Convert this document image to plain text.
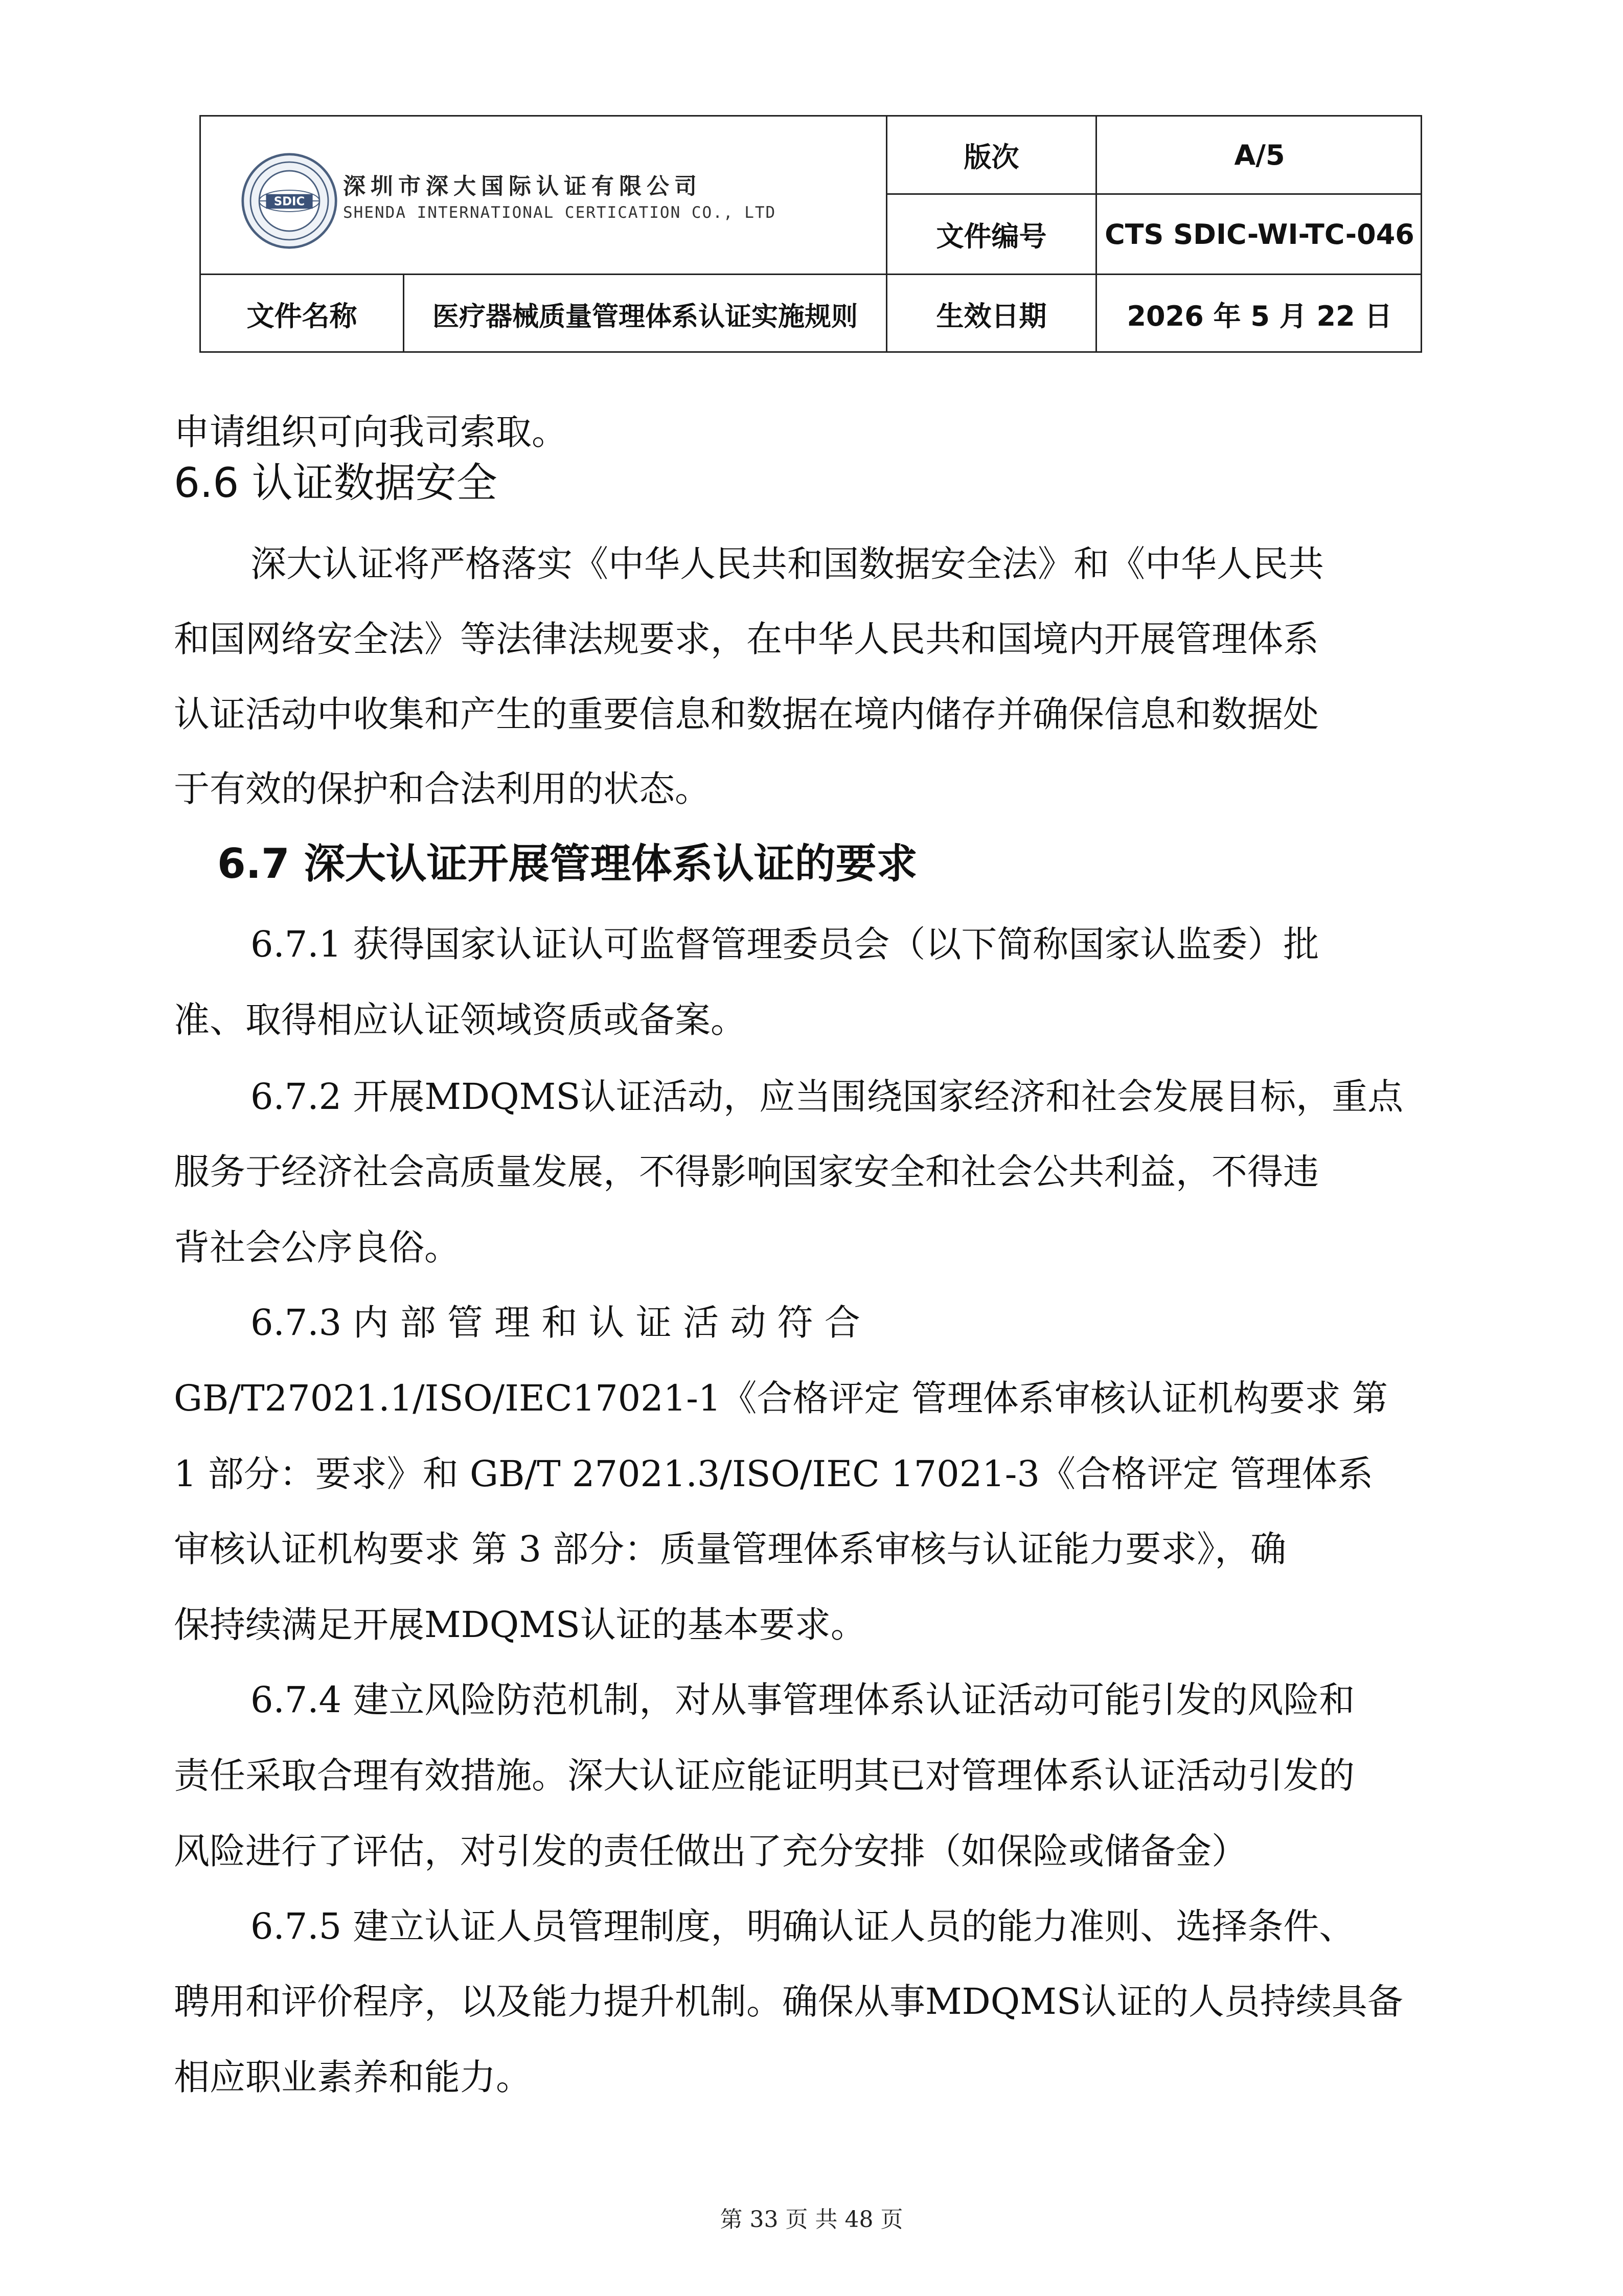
SDIC
深圳市深大国际认证有限公司
SHENDA INTERNATIONAL CERTICATION CO., LTD
版次	A/5
文件编号	CTS SDIC-WI-TC-046
文件名称	医疗器械质量管理体系认证实施规则	生效日期	2026 年 5 月 22 日
申请组织可向我司索取。
6.6 认证数据安全
深大认证将严格落实《中华人民共和国数据安全法》和《中华人民共
和国网络安全法》等法律法规要求，在中华人民共和国境内开展管理体系
认证活动中收集和产生的重要信息和数据在境内储存并确保信息和数据处
于有效的保护和合法利用的状态。
6.7 深大认证开展管理体系认证的要求
6.7.1 获得国家认证认可监督管理委员会（以下简称国家认监委）批
准、取得相应认证领域资质或备案。
6.7.2 开展MDQMS认证活动，应当围绕国家经济和社会发展目标，重点
服务于经济社会高质量发展，不得影响国家安全和社会公共利益，不得违
背社会公序良俗。
6.7.3 内 部 管 理 和 认 证 活 动 符 合
GB/T27021.1/ISO/IEC17021-1《合格评定 管理体系审核认证机构要求 第
1 部分：要求》和 GB/T 27021.3/ISO/IEC 17021-3《合格评定 管理体系
审核认证机构要求 第 3 部分：质量管理体系审核与认证能力要求》，确
保持续满足开展MDQMS认证的基本要求。
6.7.4 建立风险防范机制，对从事管理体系认证活动可能引发的风险和
责任采取合理有效措施。深大认证应能证明其已对管理体系认证活动引发的
风险进行了评估，对引发的责任做出了充分安排（如保险或储备金）
6.7.5 建立认证人员管理制度，明确认证人员的能力准则、选择条件、
聘用和评价程序，以及能力提升机制。确保从事MDQMS认证的人员持续具备
相应职业素养和能力。
第 33 页 共 48 页
